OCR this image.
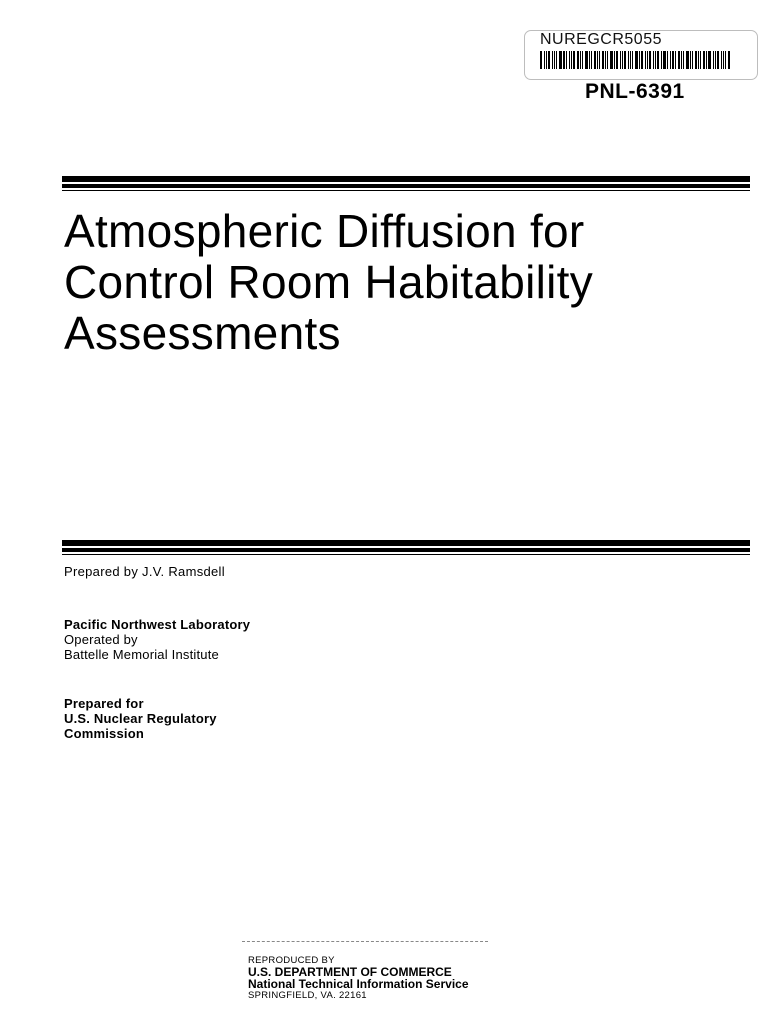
NUREGCR5055
PNL-6391
Atmospheric Diffusion for
Control Room Habitability
Assessments
Prepared by J.V. Ramsdell
Pacific Northwest Laboratory
Operated by
Battelle Memorial Institute
Prepared for
U.S. Nuclear Regulatory
Commission
REPRODUCED BY
U.S. DEPARTMENT OF COMMERCE
National Technical Information Service
SPRINGFIELD, VA. 22161
